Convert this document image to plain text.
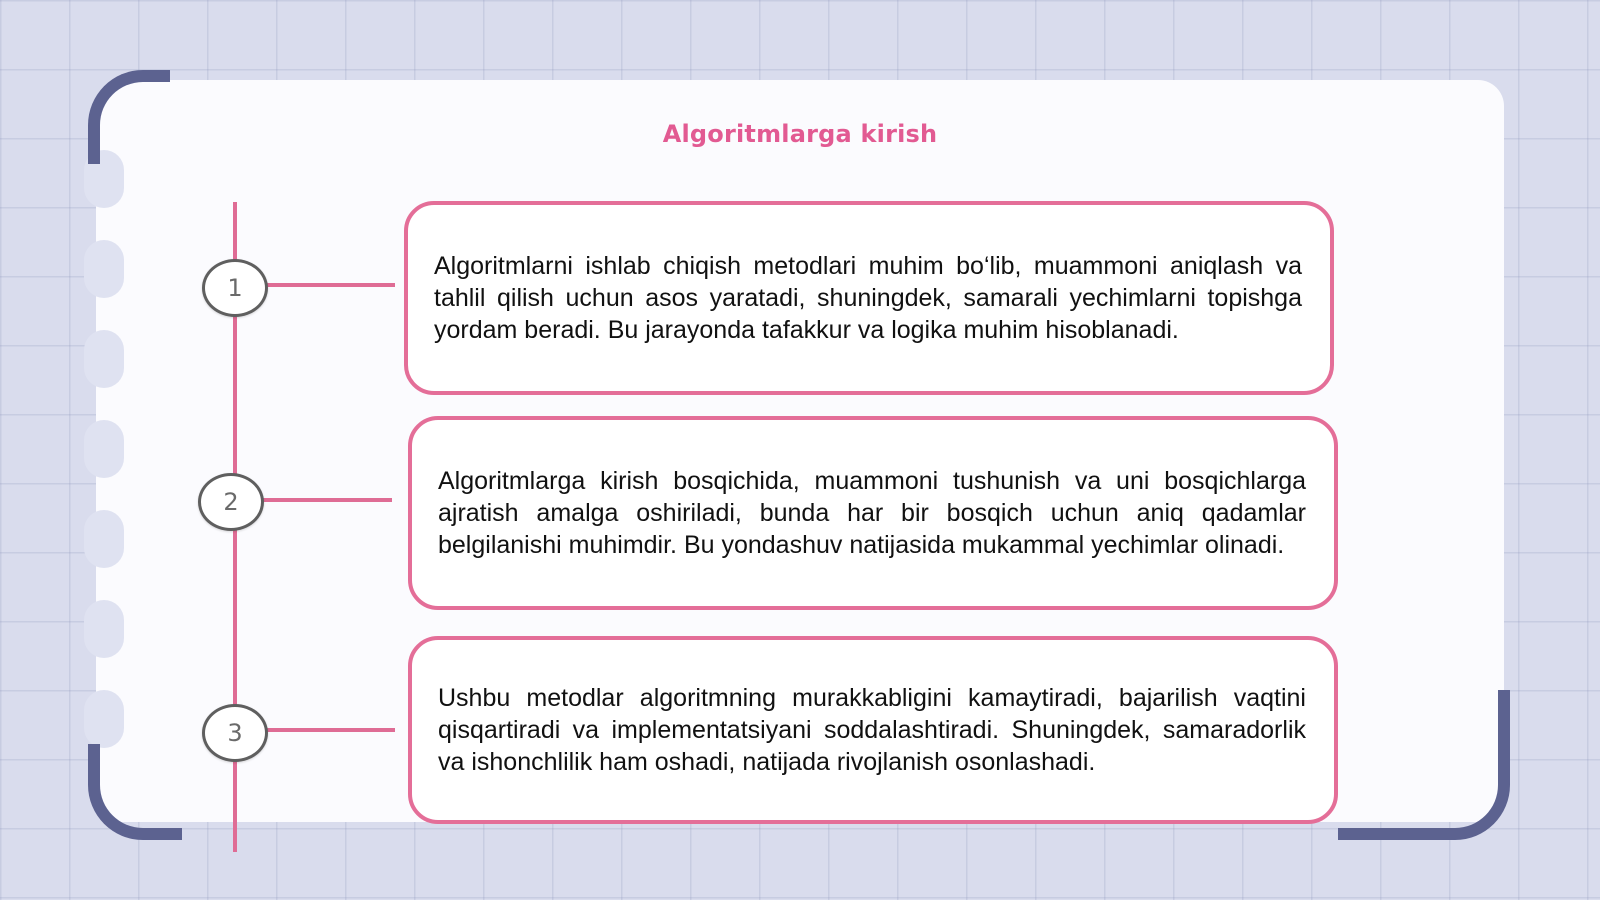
Algoritmlarga kirish
1
2
3

Algoritmlarni ishlab chiqish metodlari muhim bo‘lib, muammoni aniqlash va tahlil qilish uchun asos yaratadi, shuningdek, samarali yechimlarni topishga yordam beradi. Bu jarayonda tafakkur va logika muhim hisoblanadi.

Algoritmlarga kirish bosqichida, muammoni tushunish va uni bosqichlarga ajratish amalga oshiriladi, bunda har bir bosqich uchun aniq qadamlar belgilanishi muhimdir. Bu yondashuv natijasida mukammal yechimlar olinadi.

Ushbu metodlar algoritmning murakkabligini kamaytiradi, bajarilish vaqtini qisqartiradi va implementatsiyani soddalashtiradi. Shuningdek, samaradorlik va ishonchlilik ham oshadi, natijada rivojlanish osonlashadi.
